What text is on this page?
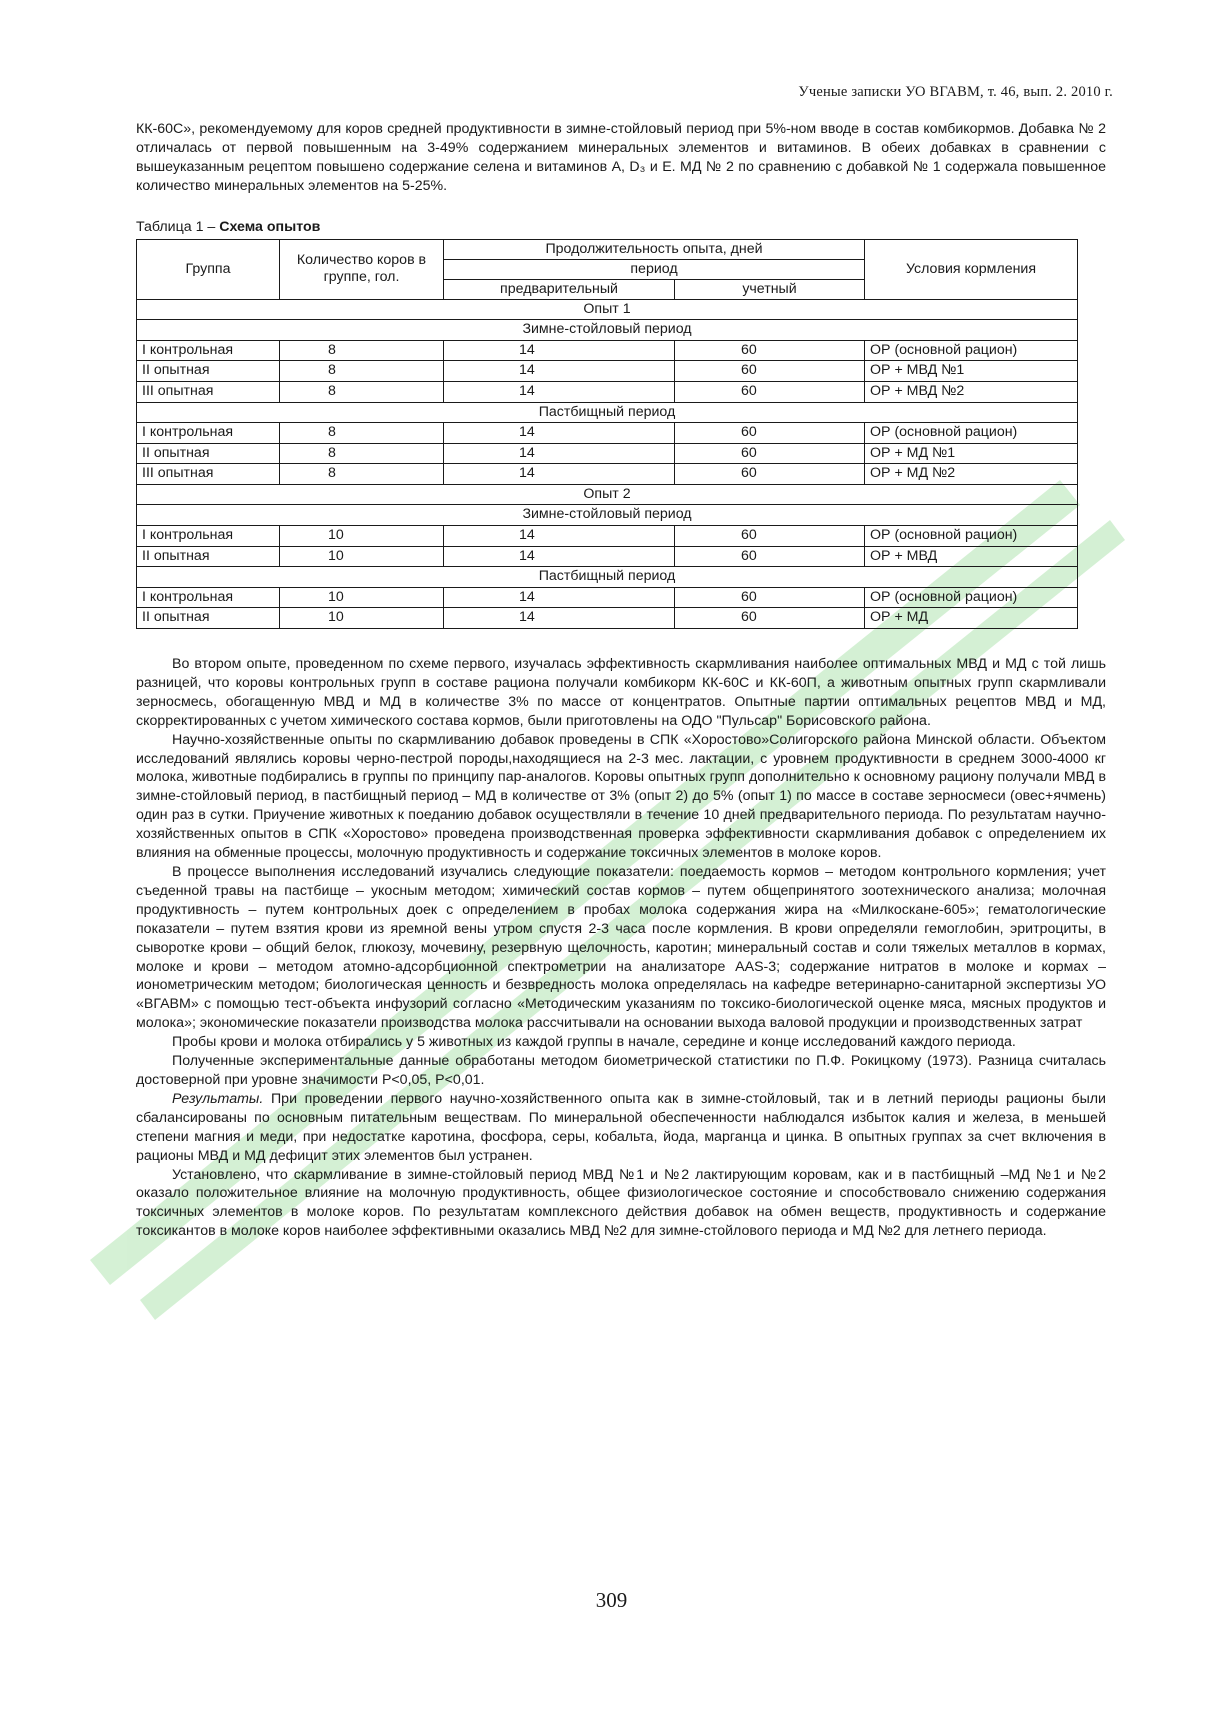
Ученые записки УО ВГАВМ, т. 46, вып. 2. 2010 г.

КК-60С», рекомендуемому для коров средней продуктивности в зимне-стойловый период при 5%-ном вводе в состав комбикормов. Добавка № 2 отличалась от первой повышенным на 3-49% содержанием минеральных элементов и витаминов. В обеих добавках в сравнении с вышеуказанным рецептом повышено содержание селена и витаминов А, D₃ и Е. МД № 2 по сравнению с добавкой № 1 содержала повышенное количество минеральных элементов на 5-25%.

Таблица 1 – Схема опытов
Группа	Количество коров в группе, гол.	Продолжительность опыта, дней		Условия кормления
		период		
		предварительный	учетный	
Опыт 1				
Зимне-стойловый период				
I контрольная	8	14	60	ОР (основной рацион)
II опытная	8	14	60	ОР + МВД №1
III опытная	8	14	60	ОР + МВД №2
Пастбищный период				
I контрольная	8	14	60	ОР (основной рацион)
II опытная	8	14	60	ОР + МД №1
III опытная	8	14	60	ОР + МД №2
Опыт 2				
Зимне-стойловый период				
I контрольная	10	14	60	ОР (основной рацион)
II опытная	10	14	60	ОР + МВД
Пастбищный период				
I контрольная	10	14	60	ОР (основной рацион)
II опытная	10	14	60	ОР + МД

Во втором опыте, проведенном по схеме первого, изучалась эффективность скармливания наиболее оптимальных МВД и МД с той лишь разницей, что коровы контрольных групп в составе рациона получали комбикорм КК-60С и КК-60П, а животным опытных групп скармливали зерносмесь, обогащенную МВД и МД в количестве 3% по массе от концентратов. Опытные партии оптимальных рецептов МВД и МД, скорректированных с учетом химического состава кормов, были приготовлены на ОДО "Пульсар" Борисовского района.

Научно-хозяйственные опыты по скармливанию добавок проведены в СПК «Хоростово»Солигорского района Минской области. Объектом исследований являлись коровы черно-пестрой породы,находящиеся на 2-3 мес. лактации, с уровнем продуктивности в среднем 3000-4000 кг молока, животные подбирались в группы по принципу пар-аналогов. Коровы опытных групп дополнительно к основному рациону получали МВД в зимне-стойловый период, в пастбищный период – МД в количестве от 3% (опыт 2) до 5% (опыт 1) по массе в составе зерносмеси (овес+ячмень) один раз в сутки. Приучение животных к поеданию добавок осуществляли в течение 10 дней предварительного периода. По результатам научно-хозяйственных опытов в СПК «Хоростово» проведена производственная проверка эффективности скармливания добавок с определением их влияния на обменные процессы, молочную продуктивность и содержание токсичных элементов в молоке коров.

В процессе выполнения исследований изучались следующие показатели: поедаемость кормов – методом контрольного кормления; учет съеденной травы на пастбище – укосным методом; химический состав кормов – путем общепринятого зоотехнического анализа; молочная продуктивность – путем контрольных доек с определением в пробах молока содержания жира на «Милкоскане-605»; гематологические показатели – путем взятия крови из яремной вены утром спустя 2-3 часа после кормления. В крови определяли гемоглобин, эритроциты, в сыворотке крови – общий белок, глюкозу, мочевину, резервную щелочность, каротин; минеральный состав и соли тяжелых металлов в кормах, молоке и крови – методом атомно-адсорбционной спектрометрии на анализаторе AAS-3; содержание нитратов в молоке и кормах – ионометрическим методом; биологическая ценность и безвредность молока определялась на кафедре ветеринарно-санитарной экспертизы УО «ВГАВМ» с помощью тест-объекта инфузорий согласно «Методическим указаниям по токсико-биологической оценке мяса, мясных продуктов и молока»; экономические показатели производства молока рассчитывали на основании выхода валовой продукции и производственных затрат

Пробы крови и молока отбирались у 5 животных из каждой группы в начале, середине и конце исследований каждого периода.

Полученные экспериментальные данные обработаны методом биометрической статистики по П.Ф. Рокицкому (1973). Разница считалась достоверной при уровне значимости P<0,05, P<0,01.

Результаты. При проведении первого научно-хозяйственного опыта как в зимне-стойловый, так и в летний периоды рационы были сбалансированы по основным питательным веществам. По минеральной обеспеченности наблюдался избыток калия и железа, в меньшей степени магния и меди, при недостатке каротина, фосфора, серы, кобальта, йода, марганца и цинка. В опытных группах за счет включения в рационы МВД и МД дефицит этих элементов был устранен.

Установлено, что скармливание в зимне-стойловый период МВД №1 и №2 лактирующим коровам, как и в пастбищный –МД №1 и №2 оказало положительное влияние на молочную продуктивность, общее физиологическое состояние и способствовало снижению содержания токсичных элементов в молоке коров. По результатам комплексного действия добавок на обмен веществ, продуктивность и содержание токсикантов в молоке коров наиболее эффективными оказались МВД №2 для зимне-стойлового периода и МД №2 для летнего периода.

309
